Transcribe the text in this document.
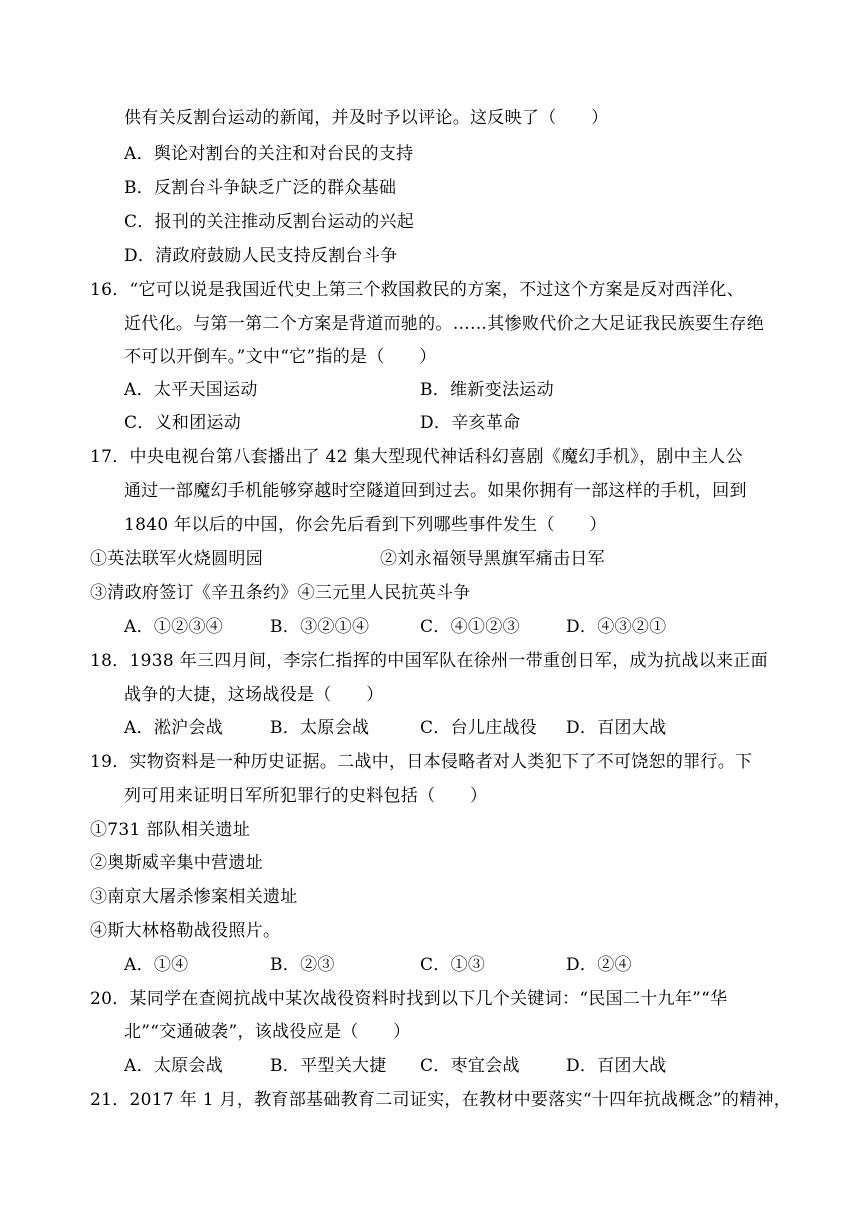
供有关反割台运动的新闻，并及时予以评论。这反映了（　　）
A．舆论对割台的关注和对台民的支持
B．反割台斗争缺乏广泛的群众基础
C．报刊的关注推动反割台运动的兴起
D．清政府鼓励人民支持反割台斗争
16．“它可以说是我国近代史上第三个救国救民的方案，不过这个方案是反对西洋化、
近代化。与第一第二个方案是背道而驰的。……其惨败代价之大足证我民族要生存绝
不可以开倒车。”文中“它”指的是（　　）
A．太平天国运动	B．维新变法运动
C．义和团运动	D．辛亥革命
17．中央电视台第八套播出了 42 集大型现代神话科幻喜剧《魔幻手机》，剧中主人公
通过一部魔幻手机能够穿越时空隧道回到过去。如果你拥有一部这样的手机，回到
1840 年以后的中国，你会先后看到下列哪些事件发生（　　）
①英法联军火烧圆明园	②刘永福领导黑旗军痛击日军
③清政府签订《辛丑条约》④三元里人民抗英斗争
A．①②③④	B．③②①④	C．④①②③	D．④③②①
18．1938 年三四月间，李宗仁指挥的中国军队在徐州一带重创日军，成为抗战以来正面
战争的大捷，这场战役是（　　）
A．淞沪会战	B．太原会战	C．台儿庄战役 D．百团大战
19．实物资料是一种历史证据。二战中，日本侵略者对人类犯下了不可饶恕的罪行。下
列可用来证明日军所犯罪行的史料包括（　　）
①731 部队相关遗址
②奥斯威辛集中营遗址
③南京大屠杀惨案相关遗址
④斯大林格勒战役照片。
A．①④	B．②③	C．①③	D．②④
20．某同学在查阅抗战中某次战役资料时找到以下几个关键词：“民国二十九年”“华
北”“交通破袭”，该战役应是（　　）
A．太原会战	B．平型关大捷 C．枣宜会战	D．百团大战
21．2017 年 1 月，教育部基础教育二司证实，在教材中要落实“十四年抗战概念”的精神，
